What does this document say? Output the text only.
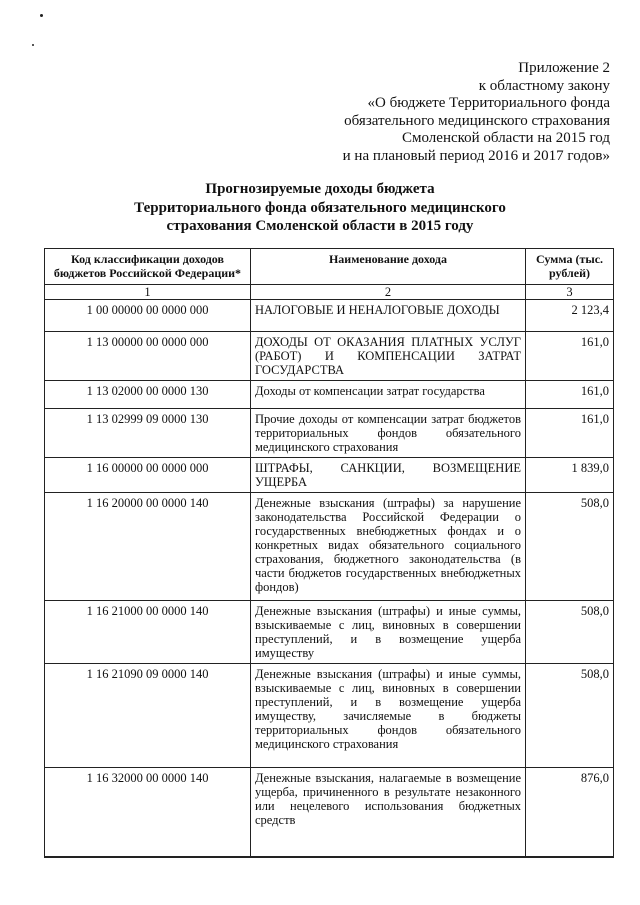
Приложение 2
к областному закону
«О бюджете Территориального фонда
обязательного медицинского страхования
Смоленской области на 2015 год
и на плановый период 2016 и 2017 годов»
Прогнозируемые доходы бюджета
Территориального фонда обязательного медицинского
страхования Смоленской области в 2015 году
Код классификации доходов бюджетов Российской Федерации*	Наименование дохода	Сумма (тыс. рублей)
1	2	3
1 00 00000 00 0000 000	НАЛОГОВЫЕ И НЕНАЛОГОВЫЕ ДОХОДЫ	2 123,4
1 13 00000 00 0000 000	ДОХОДЫ ОТ ОКАЗАНИЯ ПЛАТНЫХ УСЛУГ (РАБОТ) И КОМПЕНСАЦИИ ЗАТРАТ ГОСУДАРСТВА	161,0
1 13 02000 00 0000 130	Доходы от компенсации затрат государства	161,0
1 13 02999 09 0000 130	Прочие доходы от компенсации затрат бюджетов территориальных фондов обязательного медицинского страхования	161,0
1 16 00000 00 0000 000	ШТРАФЫ, САНКЦИИ, ВОЗМЕЩЕНИЕ УЩЕРБА	1 839,0
1 16 20000 00 0000 140	Денежные взыскания (штрафы) за нарушение законодательства Российской Федерации о государственных внебюджетных фондах и о конкретных видах обязательного социального страхования, бюджетного законодательства (в части бюджетов государственных внебюджетных фондов)	508,0
1 16 21000 00 0000 140	Денежные взыскания (штрафы) и иные суммы, взыскиваемые с лиц, виновных в совершении преступлений, и в возмещение ущерба имуществу	508,0
1 16 21090 09 0000 140	Денежные взыскания (штрафы) и иные суммы, взыскиваемые с лиц, виновных в совершении преступлений, и в возмещение ущерба имуществу, зачисляемые в бюджеты территориальных фондов обязательного медицинского страхования	508,0
1 16 32000 00 0000 140	Денежные взыскания, налагаемые в возмещение ущерба, причиненного в результате незаконного или нецелевого использования бюджетных средств	876,0
